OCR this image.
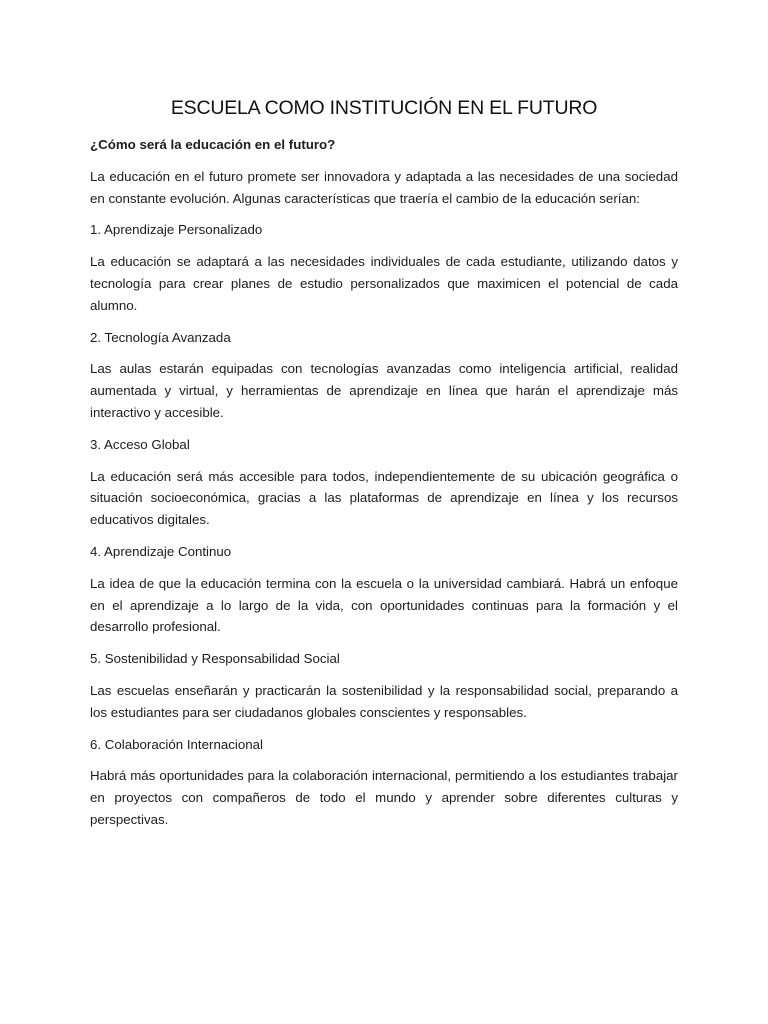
ESCUELA COMO INSTITUCIÓN EN EL FUTURO

¿Cómo será la educación en el futuro?

La educación en el futuro promete ser innovadora y adaptada a las necesidades de una sociedad en constante evolución. Algunas características que traería el cambio de la educación serían:

1. Aprendizaje Personalizado

La educación se adaptará a las necesidades individuales de cada estudiante, utilizando datos y tecnología para crear planes de estudio personalizados que maximicen el potencial de cada alumno.

2. Tecnología Avanzada

Las aulas estarán equipadas con tecnologías avanzadas como inteligencia artificial, realidad aumentada y virtual, y herramientas de aprendizaje en línea que harán el aprendizaje más interactivo y accesible.

3. Acceso Global

La educación será más accesible para todos, independientemente de su ubicación geográfica o situación socioeconómica, gracias a las plataformas de aprendizaje en línea y los recursos educativos digitales.

4. Aprendizaje Continuo

La idea de que la educación termina con la escuela o la universidad cambiará. Habrá un enfoque en el aprendizaje a lo largo de la vida, con oportunidades continuas para la formación y el desarrollo profesional.

5. Sostenibilidad y Responsabilidad Social

Las escuelas enseñarán y practicarán la sostenibilidad y la responsabilidad social, preparando a los estudiantes para ser ciudadanos globales conscientes y responsables.

6. Colaboración Internacional

Habrá más oportunidades para la colaboración internacional, permitiendo a los estudiantes trabajar en proyectos con compañeros de todo el mundo y aprender sobre diferentes culturas y perspectivas.
